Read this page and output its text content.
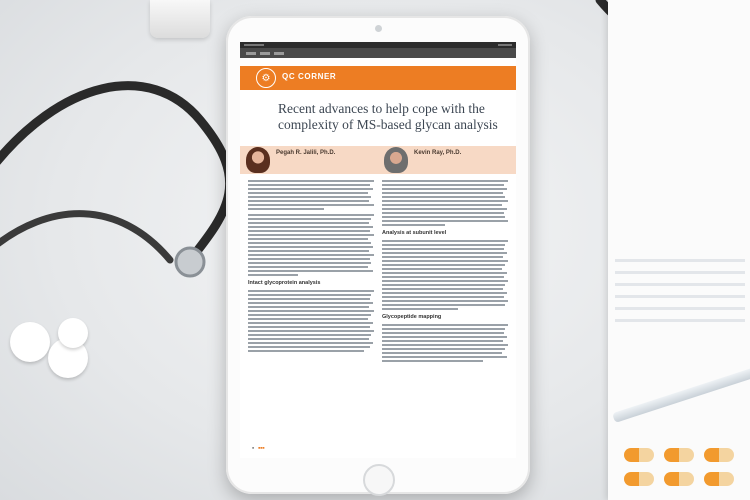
⚙	QC CORNER
Recent advances to help cope with the complexity of MS-based glycan analysis
Pegah R. Jalili, Ph.D.	Kevin Ray, Ph.D.
Intact glycoprotein analysis
Analysis at subunit level
Glycopeptide mapping
■ ■■■
